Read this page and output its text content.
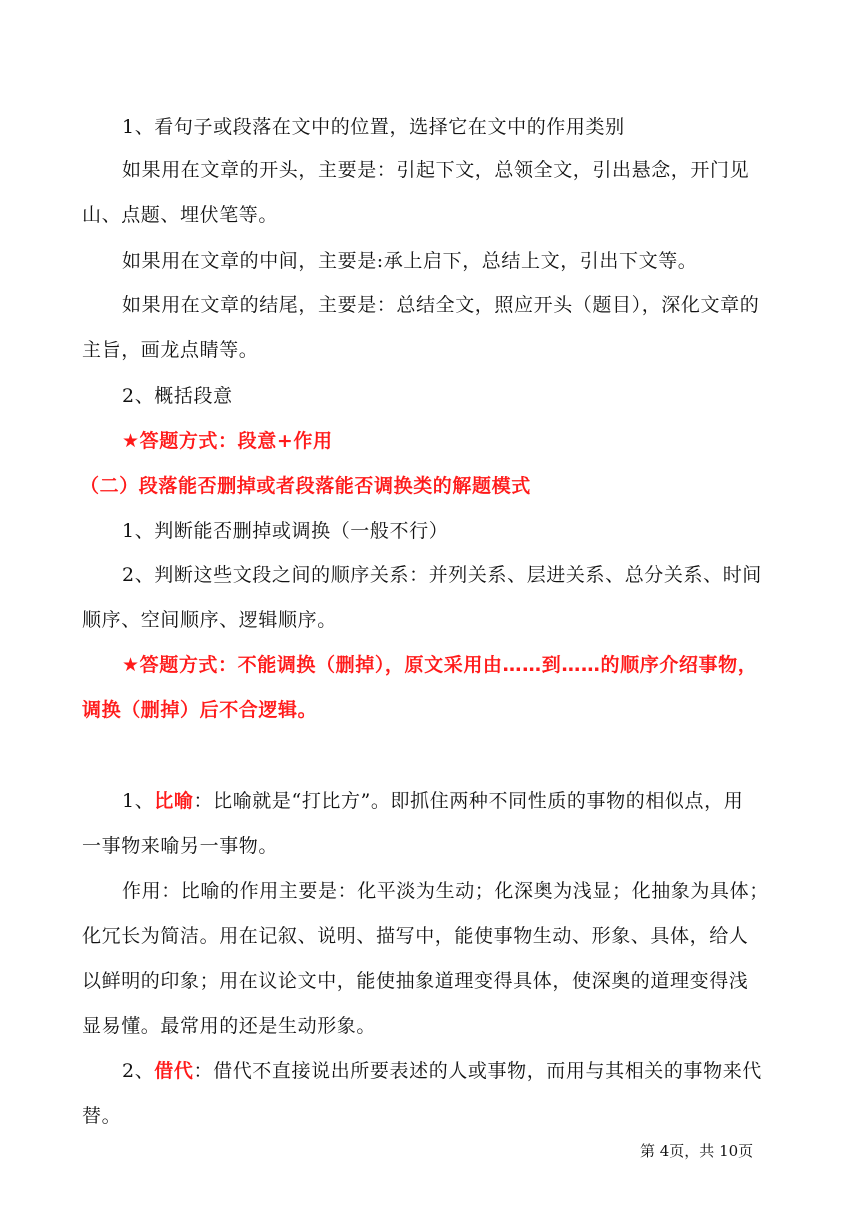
1、看句子或段落在文中的位置，选择它在文中的作用类别
如果用在文章的开头，主要是：引起下文，总领全文，引出悬念，开门见
山、点题、埋伏笔等。
如果用在文章的中间，主要是:承上启下，总结上文，引出下文等。
如果用在文章的结尾，主要是：总结全文，照应开头（题目），深化文章的
主旨，画龙点睛等。
2、概括段意
★答题方式：段意+作用
（二）段落能否删掉或者段落能否调换类的解题模式
1、判断能否删掉或调换（一般不行）
2、判断这些文段之间的顺序关系：并列关系、层进关系、总分关系、时间
顺序、空间顺序、逻辑顺序。
★答题方式：不能调换（删掉），原文采用由……到……的顺序介绍事物，
调换（删掉）后不合逻辑。
1、比喻：比喻就是“打比方”。即抓住两种不同性质的事物的相似点，用
一事物来喻另一事物。
作用：比喻的作用主要是：化平淡为生动；化深奥为浅显；化抽象为具体；
化冗长为简洁。用在记叙、说明、描写中，能使事物生动、形象、具体，给人
以鲜明的印象；用在议论文中，能使抽象道理变得具体，使深奥的道理变得浅
显易懂。最常用的还是生动形象。
2、借代：借代不直接说出所要表述的人或事物，而用与其相关的事物来代
替。
第 4页，共 10页
